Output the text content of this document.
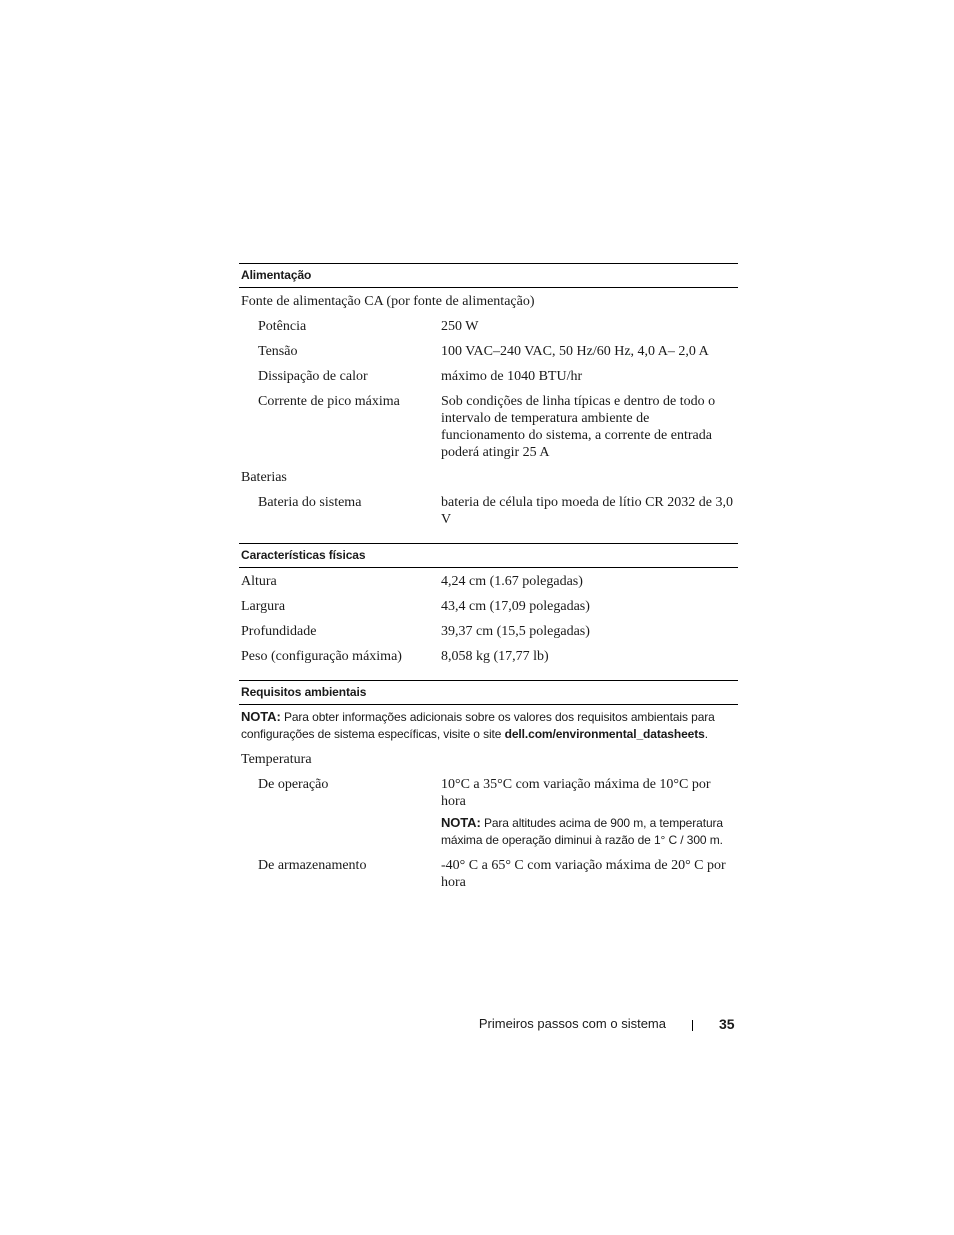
Alimentação
Fonte de alimentação CA (por fonte de alimentação)
Potência	250 W
Tensão	100 VAC–240 VAC, 50 Hz/60 Hz, 4,0 A– 2,0 A
Dissipação de calor	máximo de 1040 BTU/hr
Corrente de pico máxima	Sob condições de linha típicas e dentro de todo o intervalo de temperatura ambiente de funcionamento do sistema, a corrente de entrada poderá atingir 25 A
Baterias
Bateria do sistema	bateria de célula tipo moeda de lítio CR 2032 de 3,0 V
Características físicas
Altura	4,24 cm (1.67 polegadas)
Largura	43,4 cm (17,09 polegadas)
Profundidade	39,37 cm (15,5 polegadas)
Peso (configuração máxima)	8,058 kg (17,77 lb)
Requisitos ambientais
NOTA: Para obter informações adicionais sobre os valores dos requisitos ambientais para configurações de sistema específicas, visite o site dell.com/environmental_datasheets.
Temperatura
De operação	10°C a 35°C com variação máxima de 10°C por hora
NOTA: Para altitudes acima de 900 m, a temperatura máxima de operação diminui à razão de 1° C / 300 m.
De armazenamento	-40° C a 65° C com variação máxima de 20° C por hora
Primeiros passos com o sistema	35
